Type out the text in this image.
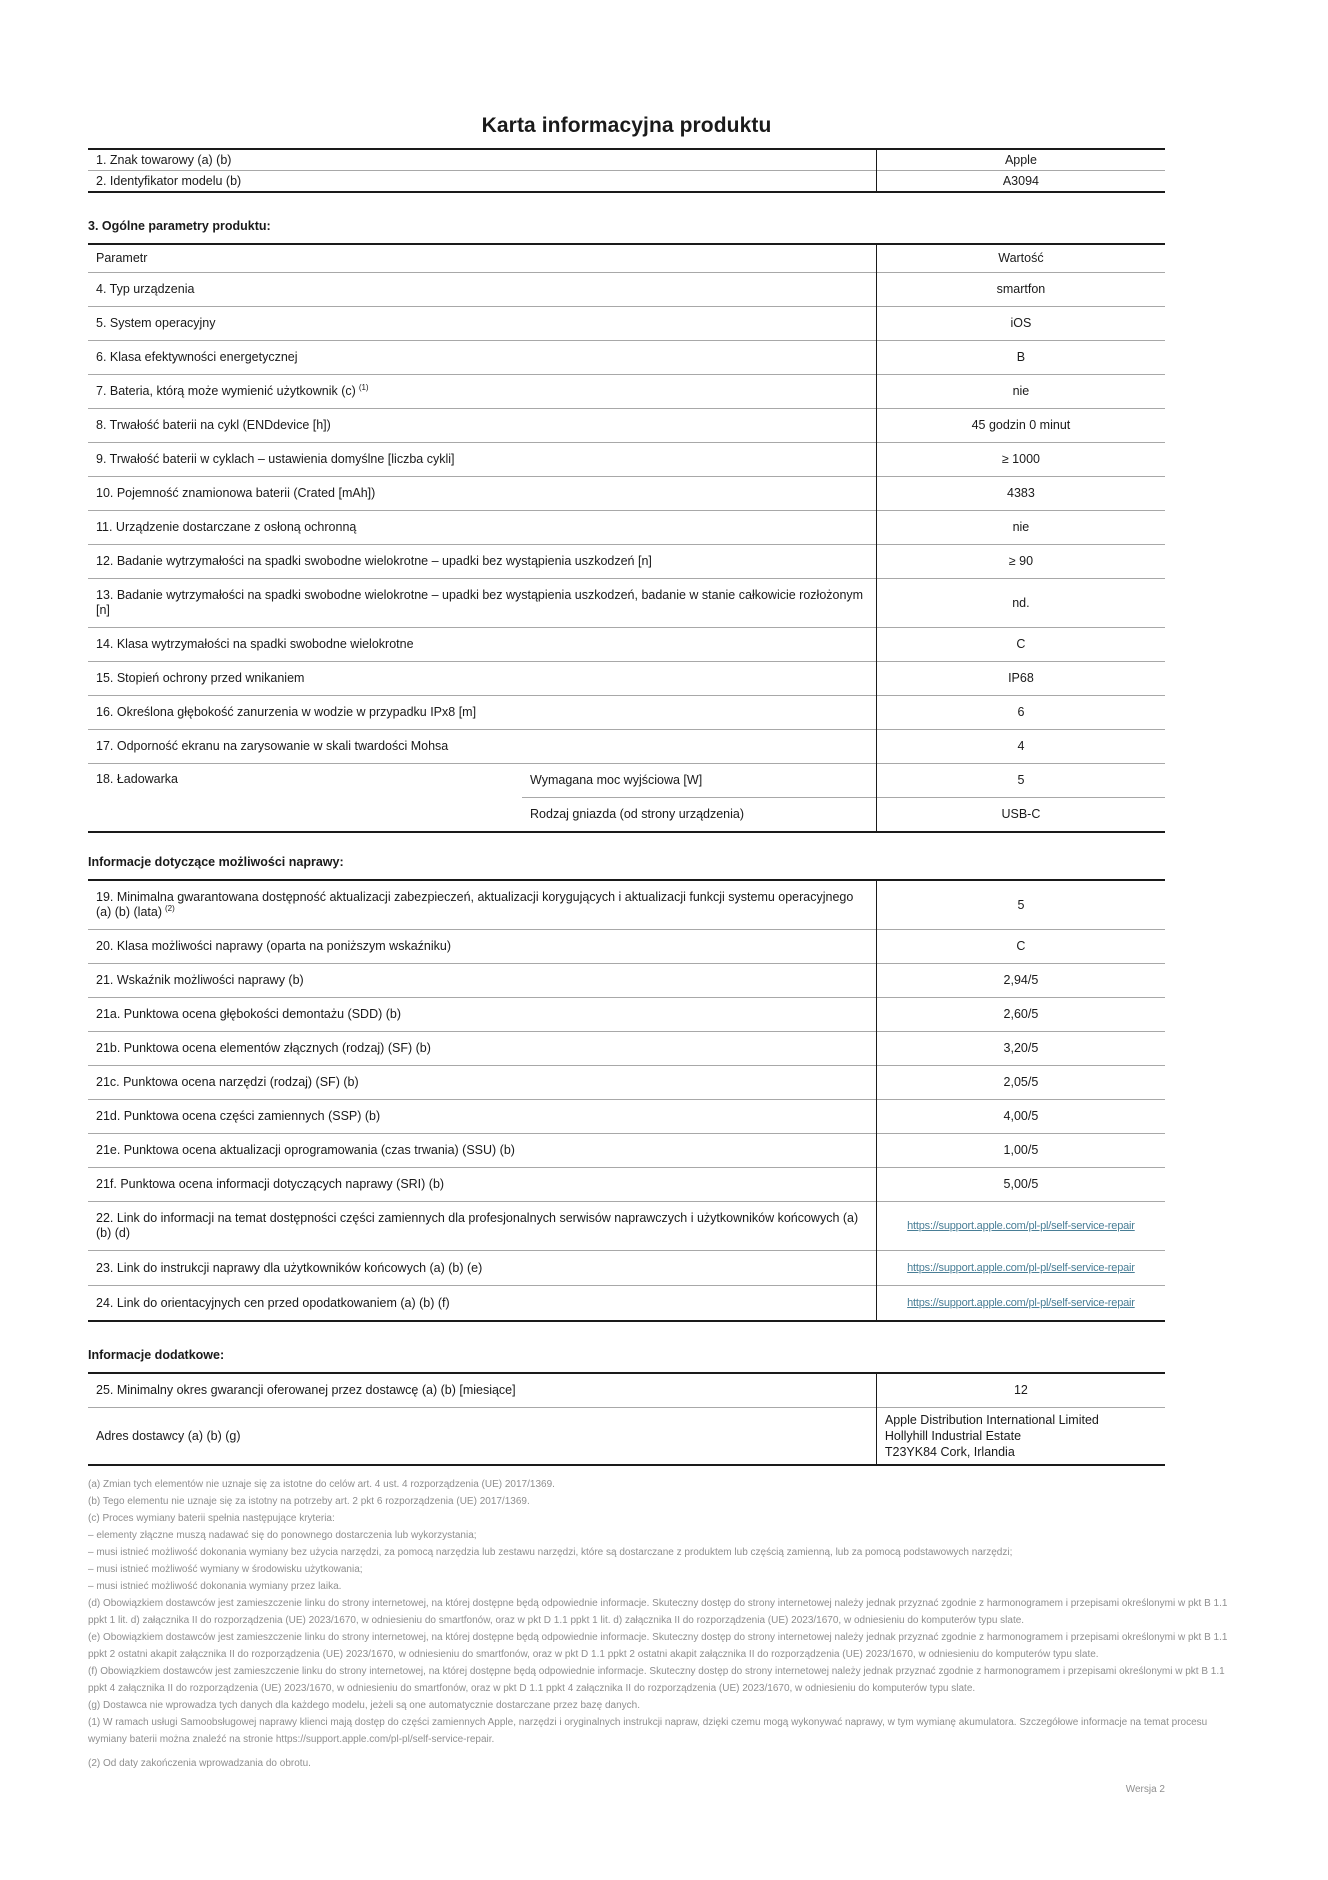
Karta informacyjna produktu
1. Znak towarowy (a) (b)	Apple
2. Identyfikator modelu (b)	A3094
3. Ogólne parametry produktu:
Parametr		Wartość
4. Typ urządzenia		smartfon
5. System operacyjny		iOS
6. Klasa efektywności energetycznej		B
7. Bateria, którą może wymienić użytkownik (c) $^{(1)}$		nie
8. Trwałość baterii na cykl (ENDdevice [h])		45 godzin 0 minut
9. Trwałość baterii w cyklach – ustawienia domyślne [liczba cykli]		≥ 1000
10. Pojemność znamionowa baterii (Crated [mAh])		4383
11. Urządzenie dostarczane z osłoną ochronną		nie
12. Badanie wytrzymałości na spadki swobodne wielokrotne – upadki bez wystąpienia uszkodzeń [n]		≥ 90
13. Badanie wytrzymałości na spadki swobodne wielokrotne – upadki bez wystąpienia uszkodzeń, badanie w stanie całkowicie rozłożonym [n]		nd.
14. Klasa wytrzymałości na spadki swobodne wielokrotne		C
15. Stopień ochrony przed wnikaniem		IP68
16. Określona głębokość zanurzenia w wodzie w przypadku IPx8 [m]		6
17. Odporność ekranu na zarysowanie w skali twardości Mohsa		4
18. Ładowarka	Wymagana moc wyjściowa [W]	5
	Rodzaj gniazda (od strony urządzenia)	USB-C
Informacje dotyczące możliwości naprawy:
19. Minimalna gwarantowana dostępność aktualizacji zabezpieczeń, aktualizacji korygujących i aktualizacji funkcji systemu operacyjnego (a) (b) (lata) $^{(2)}$	5
20. Klasa możliwości naprawy (oparta na poniższym wskaźniku)	C
21. Wskaźnik możliwości naprawy (b)	2,94/5
21a. Punktowa ocena głębokości demontażu (SDD) (b)	2,60/5
21b. Punktowa ocena elementów złącznych (rodzaj) (SF) (b)	3,20/5
21c. Punktowa ocena narzędzi (rodzaj) (SF) (b)	2,05/5
21d. Punktowa ocena części zamiennych (SSP) (b)	4,00/5
21e. Punktowa ocena aktualizacji oprogramowania (czas trwania) (SSU) (b)	1,00/5
21f. Punktowa ocena informacji dotyczących naprawy (SRI) (b)	5,00/5
22. Link do informacji na temat dostępności części zamiennych dla profesjonalnych serwisów naprawczych i użytkowników końcowych (a) (b) (d)	https://support.apple.com/pl-pl/self-service-repair
23. Link do instrukcji naprawy dla użytkowników końcowych (a) (b) (e)	https://support.apple.com/pl-pl/self-service-repair
24. Link do orientacyjnych cen przed opodatkowaniem (a) (b) (f)	https://support.apple.com/pl-pl/self-service-repair
Informacje dodatkowe:
25. Minimalny okres gwarancji oferowanej przez dostawcę (a) (b) [miesiące]	12
Adres dostawcy (a) (b) (g)	Apple Distribution International Limited
Hollyhill Industrial Estate
T23YK84 Cork, Irlandia

(a) Zmian tych elementów nie uznaje się za istotne do celów art. 4 ust. 4 rozporządzenia (UE) 2017/1369.

(b) Tego elementu nie uznaje się za istotny na potrzeby art. 2 pkt 6 rozporządzenia (UE) 2017/1369.

(c) Proces wymiany baterii spełnia następujące kryteria:

– elementy złączne muszą nadawać się do ponownego dostarczenia lub wykorzystania;

– musi istnieć możliwość dokonania wymiany bez użycia narzędzi, za pomocą narzędzia lub zestawu narzędzi, które są dostarczane z produktem lub częścią zamienną, lub za pomocą podstawowych narzędzi;

– musi istnieć możliwość wymiany w środowisku użytkowania;

– musi istnieć możliwość dokonania wymiany przez laika.

(d) Obowiązkiem dostawców jest zamieszczenie linku do strony internetowej, na której dostępne będą odpowiednie informacje. Skuteczny dostęp do strony internetowej należy jednak przyznać zgodnie z harmonogramem i przepisami określonymi w pkt B 1.1 ppkt 1 lit. d) załącznika II do rozporządzenia (UE) 2023/1670, w odniesieniu do smartfonów, oraz w pkt D 1.1 ppkt 1 lit. d) załącznika II do rozporządzenia (UE) 2023/1670, w odniesieniu do komputerów typu slate.

(e) Obowiązkiem dostawców jest zamieszczenie linku do strony internetowej, na której dostępne będą odpowiednie informacje. Skuteczny dostęp do strony internetowej należy jednak przyznać zgodnie z harmonogramem i przepisami określonymi w pkt B 1.1 ppkt 2 ostatni akapit załącznika II do rozporządzenia (UE) 2023/1670, w odniesieniu do smartfonów, oraz w pkt D 1.1 ppkt 2 ostatni akapit załącznika II do rozporządzenia (UE) 2023/1670, w odniesieniu do komputerów typu slate.

(f) Obowiązkiem dostawców jest zamieszczenie linku do strony internetowej, na której dostępne będą odpowiednie informacje. Skuteczny dostęp do strony internetowej należy jednak przyznać zgodnie z harmonogramem i przepisami określonymi w pkt B 1.1 ppkt 4 załącznika II do rozporządzenia (UE) 2023/1670, w odniesieniu do smartfonów, oraz w pkt D 1.1 ppkt 4 załącznika II do rozporządzenia (UE) 2023/1670, w odniesieniu do komputerów typu slate.

(g) Dostawca nie wprowadza tych danych dla każdego modelu, jeżeli są one automatycznie dostarczane przez bazę danych.

(1) W ramach usługi Samoobsługowej naprawy klienci mają dostęp do części zamiennych Apple, narzędzi i oryginalnych instrukcji napraw, dzięki czemu mogą wykonywać naprawy, w tym wymianę akumulatora. Szczegółowe informacje na temat procesu wymiany baterii można znaleźć na stronie https://support.apple.com/pl-pl/self-service-repair.

(2) Od daty zakończenia wprowadzania do obrotu.

Wersja 2
